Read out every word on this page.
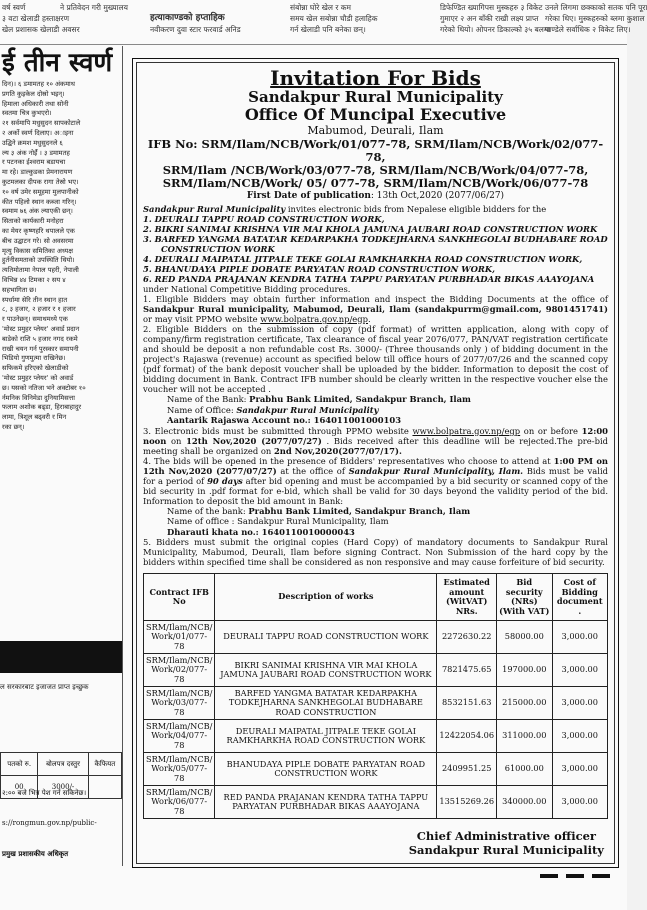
वर्ष स्वर्ण
३ वटा खेलाडी हस्ताक्षरण
खेल प्रशासक खेलाडी अवसर
ने प्रतिवेदन गरी मुख्यालय
हत्याकाण्डको हप्ताहिक
नवीकरण दुवा स्टार फरवार्ड अनिड
संबोन्ना घोरे खेल र कम
समय खेल सबोन्ना चौडी हलाहिक
गर्न खेलाडी पनि बनेका छन्।
डिफेण्डित ख्यागिपस मुस्कहरु ३ विकेट
गुमाएर २ अन बाँकी राखी लक्ष्य प्राप्त
गरेको थियो। ओपनर डिकाल्को ३५ बलमा
उनले लिगमा छक्काको सतक पनि पूरा
गरेका थिए। मुस्कहरुको ब्लमा कुशाल
पाण्डेले सर्वाधिक २ विकेट लिए।
ई तीन स्वर्ण
दिन)। ६ डमामतह १० अंकमाथ
प्रगति कुइकेल दोस्रो भइन्।
हिमाला अधिकारी तथा सोनी
स्वतमा चित्र कुभएरो।
२१ सर्वमापि मधुसुदन सापकोटाले
२ अर्को स्वर्ण दिलाए। अाइना
उद्घिने क्रमश मधुसुदनले ६
ल्य ३ अंक नोईँ । ३ डमामतह
र पटनका ईश्वराम बडायचा
मा रहे। डाल्कुडका प्रेमनारायण
कुटमलका दीपक रागा तेस्रो भए।
१० वर्ष उमेर समूहमा मुलपानीको
कीत पहिलो स्थान कब्जा गरिन्।
स्वमाम ७६ अंक ल्याएकी छन्।
सिताको कार्यकारी मनोहरा
का मेयर कृष्णहरि थपालले एक
बीच उद्घाटन गरे। सो अवसरमा
मृत्यु विकास समितिका अध्यक्ष
हुर्तनीसमताको उपस्थिति थियो।
त्यतिमोतामा नेपाल पहरी, नेपाली
विभिन्न ४४ टिमका २ सय ४
सहभागिता छ।
स्पर्धामा सेरि तीन स्थान हात
८, ३ हजार, २ हजार र १ हजार
र पाउनेछन्। समाथमध्ये एक
'मोस्ट प्रमुहर प्लेयर' अवार्ड प्रदान
बाडेको राशि ५ हजार नगद रकमे
राखी चयन गर्न पुरस्कार समापनी
भिडियो गुणमुत्मा राखिनेछ।
सफिकमे हरिएको खेलाडीको
'मोस्ट प्रमुहर प्लेयर' को अवार्ड
छ। यसको नतिजा भने अक्टोबर १०
र्नमनिक विनिमेडा दुनियामिसत्ता
फलाम अशोक बढ्डा, हिराबाहादुर
लामा, त्रिशूल बढ्वरी र मिन
रका छन्।
ल सरकारबाट इजाजत प्राप्त इच्छुक
पतको रु.	बोलपत्र दस्तुर	कैफियत
00	3000/-	
२:०० बजे भित्र पेश गर्न सकिनेछ।
s://rongmun.gov.np/public-
प्रमुख प्रशासकीय अधिकृत
Invitation For Bids
Sandakpur Rural Municipality
Office Of Muncipal Executive
Mabumod, Deurali, Ilam
IFB No: SRM/Ilam/NCB/Work/01/077-78, SRM/Ilam/NCB/Work/02/077-78,
SRM/Ilam /NCB/Work/03/077-78, SRM/Ilam/NCB/Work/04/077-78,
SRM/Ilam/NCB/Work/ 05/ 077-78, SRM/Ilam/NCB/Work/06/077-78
First Date of publication: 13th Oct,2020 (2077/06/27)
Sandakpur Rural Municipality invites electronic bids from Nepalese eligible bidders for the
1. DEURALI TAPPU ROAD CONSTRUCTION WORK,
2. BIKRI SANIMAI KRISHNA VIR MAI KHOLA JAMUNA JAUBARI ROAD CONSTRUCTION WORK
3. BARFED YANGMA BATATAR KEDARPAKHA TODKEJHARNA SANKHEGOLAI BUDHABARE ROAD
CONSTRUCTION WORK
4. DEURALI MAIPATAL JITPALE TEKE GOLAI RAMKHARKHA ROAD CONSTRUCTION WORK,
5. BHANUDAYA PIPLE DOBATE PARYATAN ROAD CONSTRUCTION WORK,
6. RED PANDA PRAJANAN KENDRA TATHA TAPPU PARYATAN PURBHADAR BIKAS AAAYOJANA
under National Competitive Bidding procedures.
1. Eligible Bidders may obtain further information and inspect the Bidding Documents at the office of Sandakpur Rural municipality, Mabumod, Deurali, Ilam (sandakpurrm@gmail.com, 9801451741) or may visit PPMO website www.bolpatra.gov.np/egp.
2. Eligible Bidders on the submission of copy (pdf format) of written application, along with copy of company/firm registration certificate, Tax clearance of fiscal year 2076/077, PAN/VAT registration certificate and should be deposit a non refundable cost Rs. 3000/- (Three thousands only ) of bidding document in the project's Rajaswa (revenue) account as specified below till office hours of 2077/07/26 and the scanned copy (pdf format) of the bank deposit voucher shall be uploaded by the bidder. Information to deposit the cost of bidding document in Bank. Contract IFB number should be clearly written in the respective voucher else the voucher will not be accepted .
Name of the Bank: Prabhu Bank Limited, Sandakpur Branch, Ilam
Name of Office: Sandakpur Rural Municipality
Aantarik Rajaswa Account no.: 164011001000103
3. Electronic bids must be submitted through PPMO website www.bolpatra.gov.np/egp on or before 12:00 noon on 12th Nov,2020 (2077/07/27) . Bids received after this deadline will be rejected.The pre-bid meeting shall be organized on 2nd Nov,2020(2077/07/17).
4. The bids will be opened in the presence of Bidders' representatives who choose to attend at 1:00 PM on 12th Nov,2020 (2077/07/27) at the office of Sandakpur Rural Municipality, Ilam. Bids must be valid for a period of 90 days after bid opening and must be accompanied by a bid security or scanned copy of the bid security in .pdf format for e-bid, which shall be valid for 30 days beyond the validity period of the bid. Information to deposit the bid amount in Bank:
Name of the bank: Prabhu Bank Limited, Sandakpur Branch, Ilam
Name of office : Sandakpur Rural Municipality, Ilam
Dharauti khata no.: 1640110010000043
5. Bidders must submit the original copies (Hard Copy) of mandatory documents to Sandakpur Rural Municipality, Mabumod, Deurali, Ilam before signing Contract. Non Submission of the hard copy by the bidders within specified time shall be considered as non responsive and may cause forfeiture of bid security.
Contract IFB No	Description of works	Estimated amount (WitVAT) NRs.	Bid security (NRs) (With VAT)	Cost of Bidding document .
SRM/Ilam/NCB/ Work/01/077-78	DEURALI TAPPU ROAD CONSTRUCTION WORK	2272630.22	58000.00	3,000.00
SRM/Ilam/NCB/ Work/02/077-78	BIKRI SANIMAI KRISHNA VIR MAI KHOLA JAMUNA JAUBARI ROAD CONSTRUCTION WORK	7821475.65	197000.00	3,000.00
SRM/Ilam/NCB/ Work/03/077-78	BARFED YANGMA BATATAR KEDARPAKHA TODKEJHARNA SANKHEGOLAI BUDHABARE ROAD CONSTRUCTION	8532151.63	215000.00	3,000.00
SRM/Ilam/NCB/ Work/04/077-78	DEURALI MAIPATAL JITPALE TEKE GOLAI RAMKHARKHA ROAD CONSTRUCTION WORK	12422054.06	311000.00	3,000.00
SRM/Ilam/NCB/ Work/05/077-78	BHANUDAYA PIPLE DOBATE PARYATAN ROAD CONSTRUCTION WORK	2409951.25	61000.00	3,000.00
SRM/Ilam/NCB/ Work/06/077-78	RED PANDA PRAJANAN KENDRA TATHA TAPPU PARYATAN PURBHADAR BIKAS AAAYOJANA	13515269.26	340000.00	3,000.00
Chief Administrative officer
Sandakpur Rural Municipality
